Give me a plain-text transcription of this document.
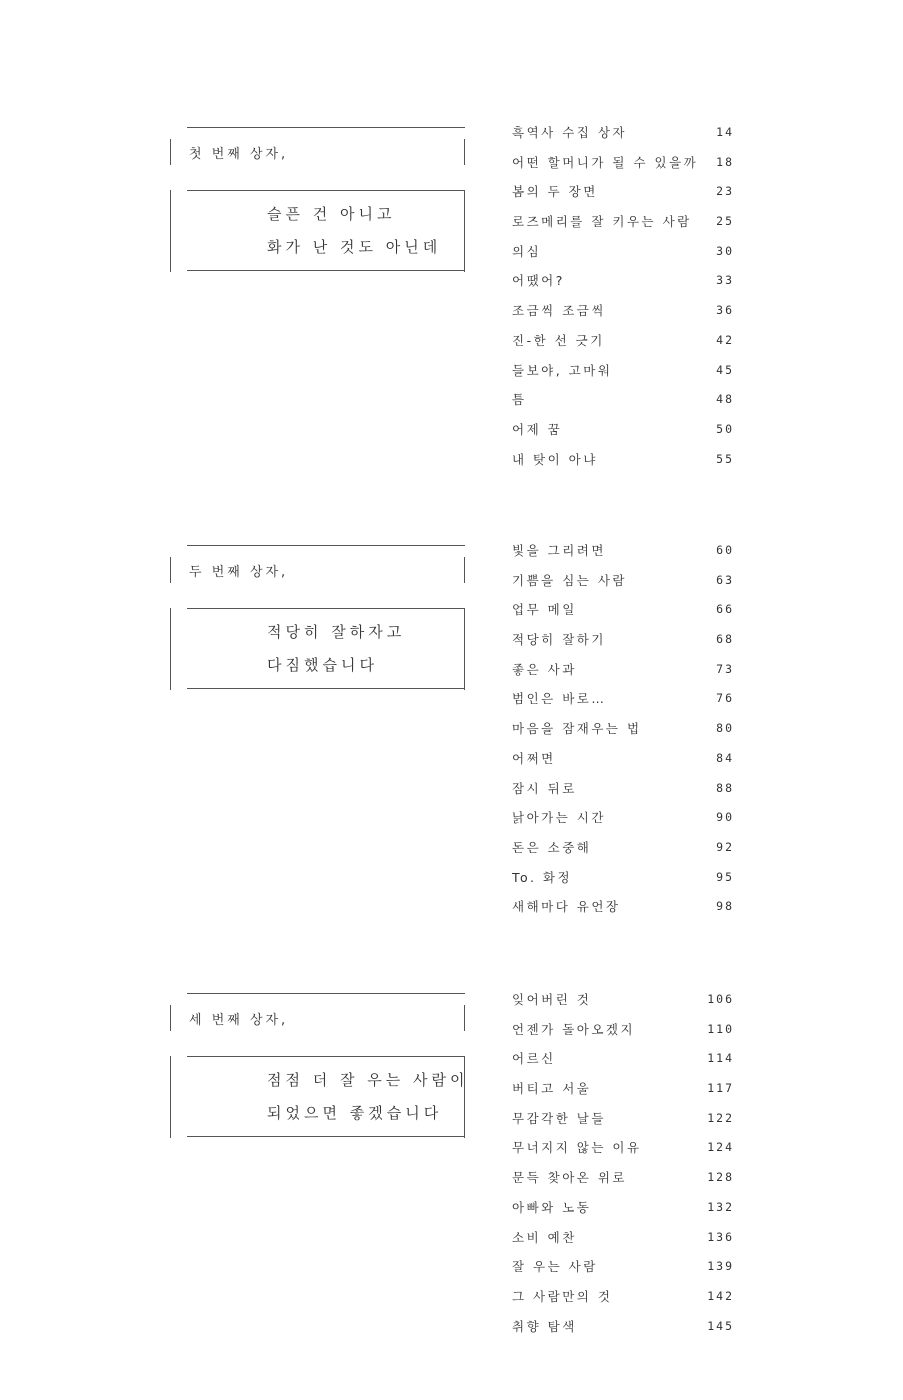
첫 번째 상자,
슬픈 건 아니고
화가 난 것도 아닌데
흑역사 수집 상자	14
어떤 할머니가 될 수 있을까 18
봄의 두 장면	23
로즈메리를 잘 키우는 사람 25
의심	30
어땠어?	33
조금씩 조금씩	36
진-한 선 긋기	42
들보야, 고마워	45
틈	48
어제 꿈	50
내 탓이 아냐	55
두 번째 상자,
적당히 잘하자고
다짐했습니다
빛을 그리려면	60
기쁨을 심는 사람	63
업무 메일	66
적당히 잘하기	68
좋은 사과	73
범인은 바로…	76
마음을 잠재우는 법	80
어쩌면	84
잠시 뒤로	88
낡아가는 시간	90
돈은 소중해	92
To. 화정	95
새해마다 유언장	98
세 번째 상자,
점점 더 잘 우는 사람이
되었으면 좋겠습니다
잊어버린 것	106
언젠가 돌아오겠지	110
어르신	114
버티고 서울	117
무감각한 날들	122
무너지지 않는 이유	124
문득 찾아온 위로	128
아빠와 노동	132
소비 예찬	136
잘 우는 사람	139
그 사람만의 것	142
취향 탐색	145
